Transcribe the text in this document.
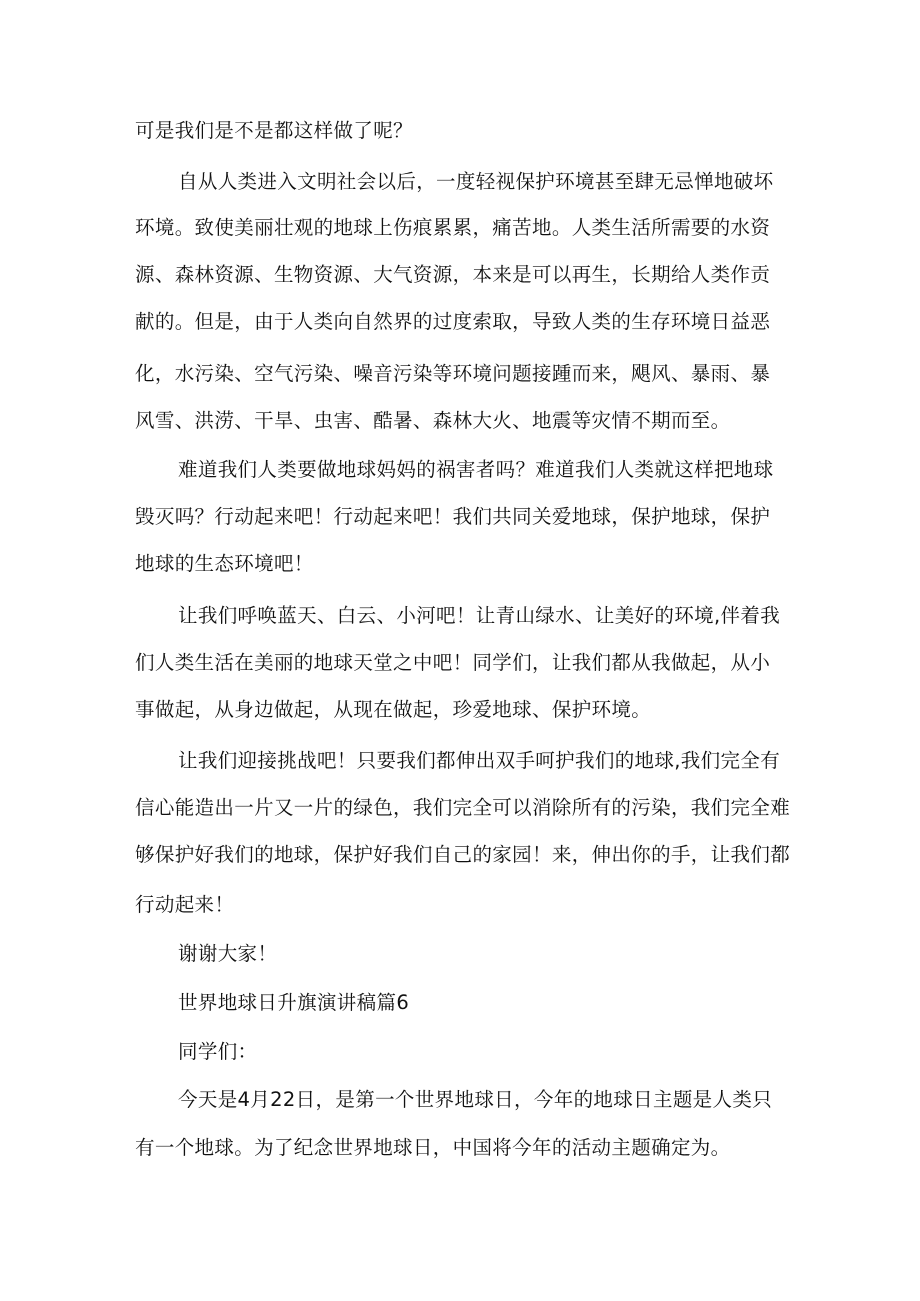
可是我们是不是都这样做了呢？
自从人类进入文明社会以后，一度轻视保护环境甚至肆无忌惮地破坏
环境。致使美丽壮观的地球上伤痕累累，痛苦地。人类生活所需要的水资
源、森林资源、生物资源、大气资源，本来是可以再生，长期给人类作贡
献的。但是，由于人类向自然界的过度索取，导致人类的生存环境日益恶
化，水污染、空气污染、噪音污染等环境问题接踵而来，飓风、暴雨、暴
风雪、洪涝、干旱、虫害、酷暑、森林大火、地震等灾情不期而至。
难道我们人类要做地球妈妈的祸害者吗？难道我们人类就这样把地球
毁灭吗？行动起来吧！行动起来吧！我们共同关爱地球，保护地球，保护
地球的生态环境吧！
让我们呼唤蓝天、白云、小河吧！让青山绿水、让美好的环境,伴着我
们人类生活在美丽的地球天堂之中吧！同学们，让我们都从我做起，从小
事做起，从身边做起，从现在做起，珍爱地球、保护环境。
让我们迎接挑战吧！只要我们都伸出双手呵护我们的地球,我们完全有
信心能造出一片又一片的绿色，我们完全可以消除所有的污染，我们完全难
够保护好我们的地球，保护好我们自己的家园！来，伸出你的手，让我们都
行动起来！
谢谢大家！
世界地球日升旗演讲稿篇6
同学们：
今天是4月22日，是第一个世界地球日，今年的地球日主题是人类只
有一个地球。为了纪念世界地球日，中国将今年的活动主题确定为。
